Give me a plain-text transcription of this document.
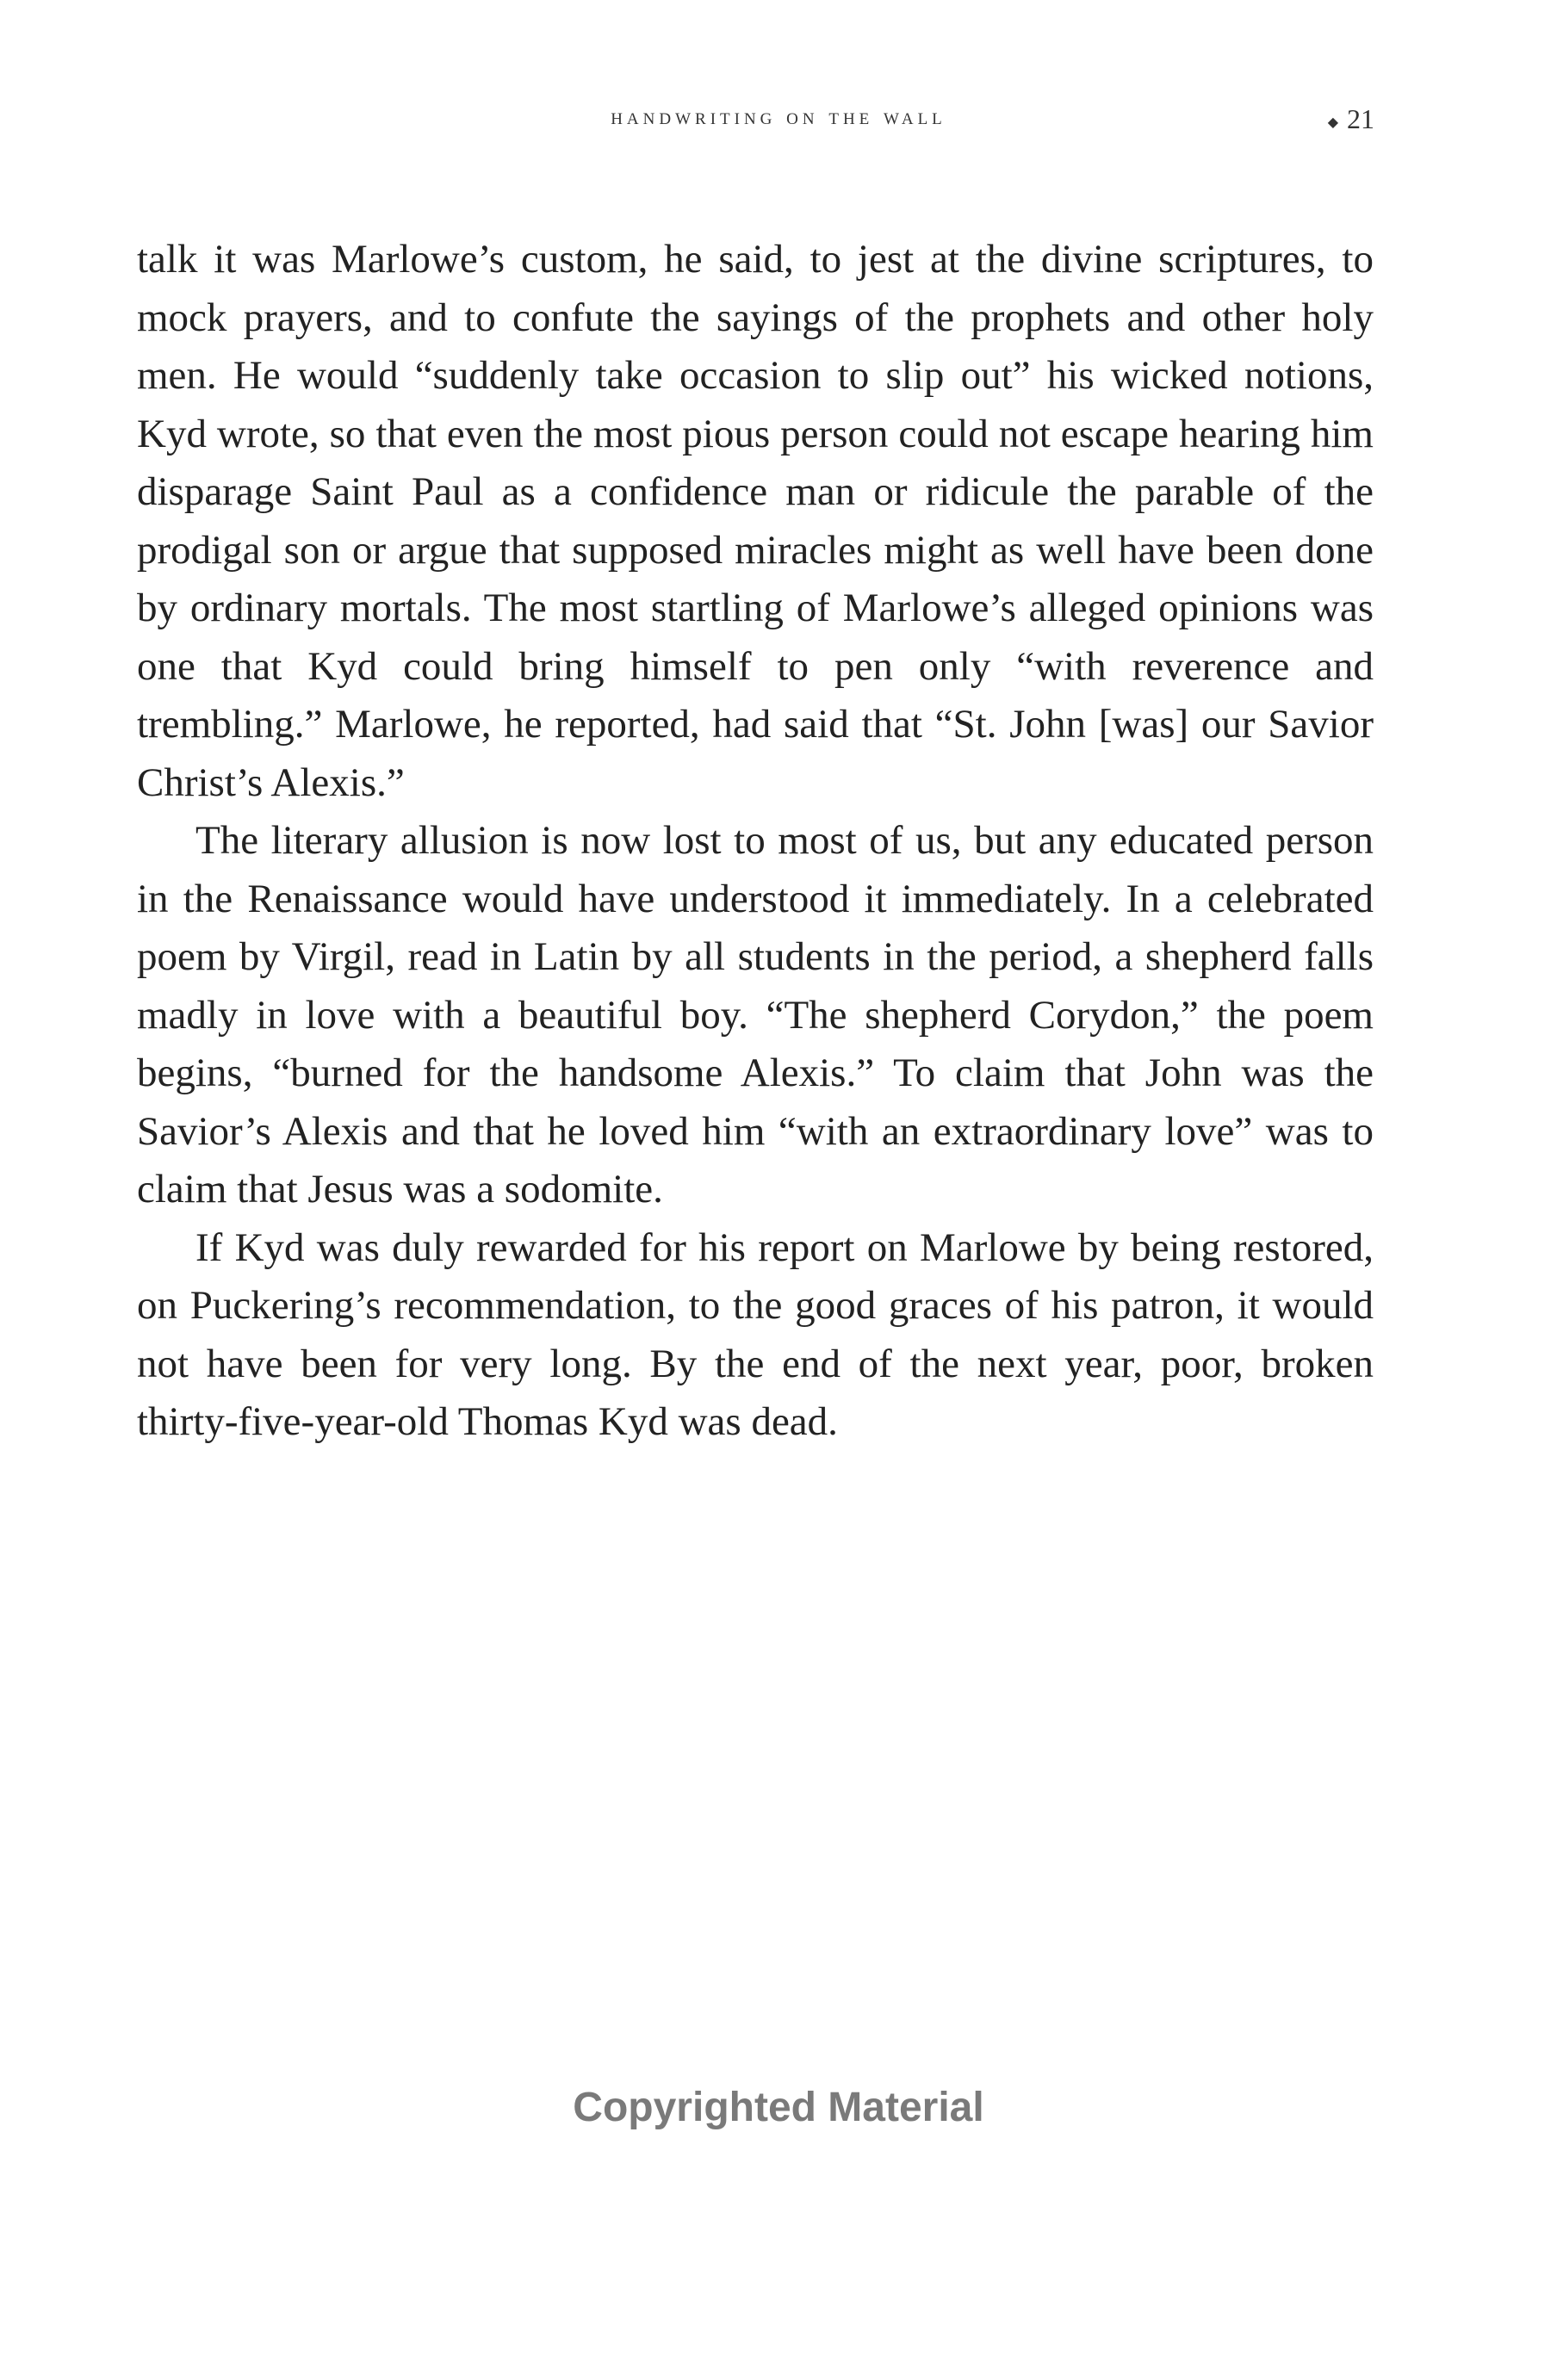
handwriting on the wall	◆ 21

talk it was Marlowe’s custom, he said, to jest at the divine scriptures, to mock prayers, and to confute the sayings of the prophets and other holy men. He would “suddenly take occasion to slip out” his wicked notions, Kyd wrote, so that even the most pious person could not escape hearing him disparage Saint Paul as a confidence man or ridicule the parable of the prodigal son or argue that supposed miracles might as well have been done by ordinary mortals. The most startling of Marlowe’s alleged opinions was one that Kyd could bring himself to pen only “with reverence and trembling.” Marlowe, he reported, had said that “St. John [was] our Savior Christ’s Alexis.”

The literary allusion is now lost to most of us, but any educated person in the Renaissance would have understood it immediately. In a celebrated poem by Virgil, read in Latin by all students in the period, a shepherd falls madly in love with a beautiful boy. “The shepherd Corydon,” the poem begins, “burned for the handsome Alexis.” To claim that John was the Savior’s Alexis and that he loved him “with an extraordinary love” was to claim that Jesus was a sodomite.

If Kyd was duly rewarded for his report on Marlowe by being restored, on Puckering’s recommendation, to the good graces of his patron, it would not have been for very long. By the end of the next year, poor, broken thirty-five-year-old Thomas Kyd was dead.

Copyrighted Material
